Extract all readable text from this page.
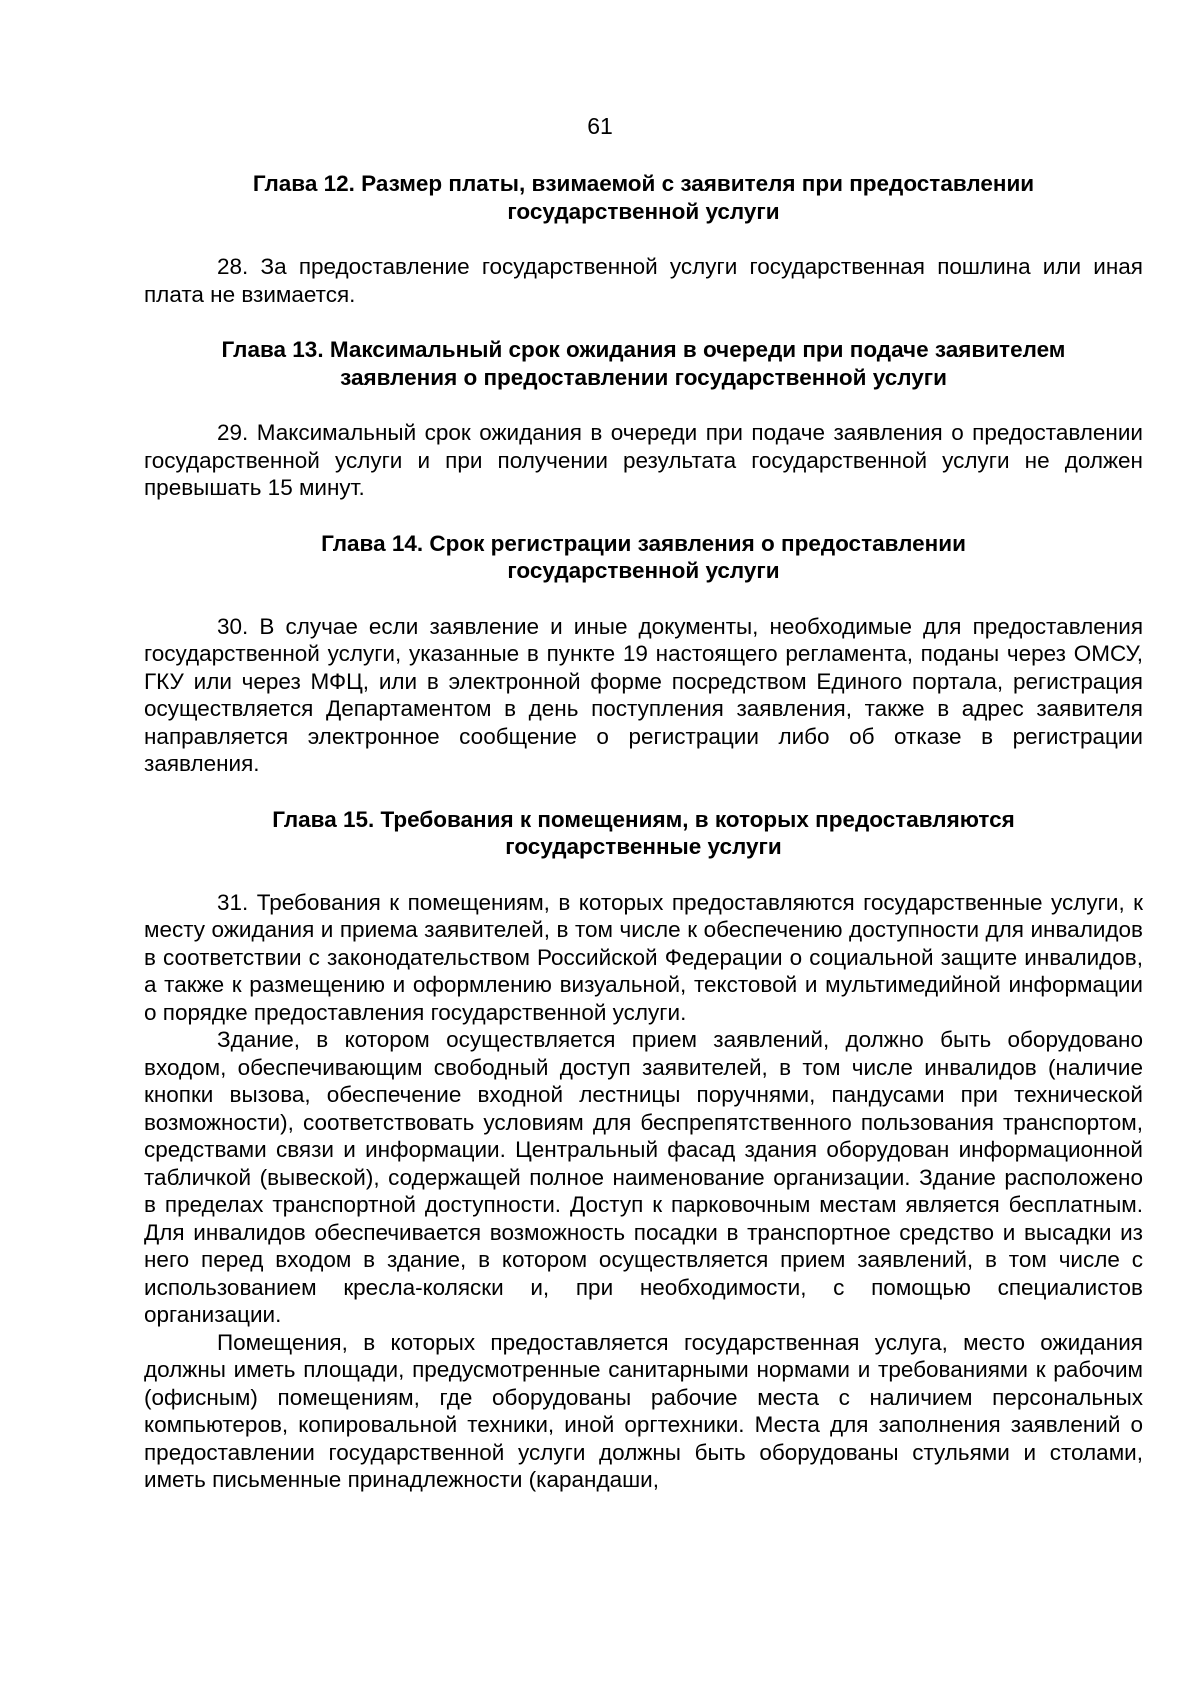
61
Глава 12. Размер платы, взимаемой с заявителя при предоставлении
государственной услуги

28. За предоставление государственной услуги государственная пошлина или иная плата не взимается.

Глава 13. Максимальный срок ожидания в очереди при подаче заявителем
заявления о предоставлении государственной услуги

29. Максимальный срок ожидания в очереди при подаче заявления о предоставлении государственной услуги и при получении результата государственной услуги не должен превышать 15 минут.

Глава 14. Срок регистрации заявления о предоставлении
государственной услуги

30. В случае если заявление и иные документы, необходимые для предоставления государственной услуги, указанные в пункте 19 настоящего регламента, поданы через ОМСУ, ГКУ или через МФЦ, или в электронной форме посредством Единого портала, регистрация осуществляется Департаментом в день поступления заявления, также в адрес заявителя направляется электронное сообщение о регистрации либо об отказе в регистрации заявления.

Глава 15. Требования к помещениям, в которых предоставляются
государственные услуги

31. Требования к помещениям, в которых предоставляются государственные услуги, к месту ожидания и приема заявителей, в том числе к обеспечению доступности для инвалидов в соответствии с законодательством Российской Федерации о социальной защите инвалидов, а также к размещению и оформлению визуальной, текстовой и мультимедийной информации о порядке предоставления государственной услуги.

Здание, в котором осуществляется прием заявлений, должно быть оборудовано входом, обеспечивающим свободный доступ заявителей, в том числе инвалидов (наличие кнопки вызова, обеспечение входной лестницы поручнями, пандусами при технической возможности), соответствовать условиям для беспрепятственного пользования транспортом, средствами связи и информации. Центральный фасад здания оборудован информационной табличкой (вывеской), содержащей полное наименование организации. Здание расположено в пределах транспортной доступности. Доступ к парковочным местам является бесплатным. Для инвалидов обеспечивается возможность посадки в транспортное средство и высадки из него перед входом в здание, в котором осуществляется прием заявлений, в том числе с использованием кресла-коляски и, при необходимости, с помощью специалистов организации.

Помещения, в которых предоставляется государственная услуга, место ожидания должны иметь площади, предусмотренные санитарными нормами и требованиями к рабочим (офисным) помещениям, где оборудованы рабочие места с наличием персональных компьютеров, копировальной техники, иной оргтехники. Места для заполнения заявлений о предоставлении государственной услуги должны быть оборудованы стульями и столами, иметь письменные принадлежности (карандаши,
